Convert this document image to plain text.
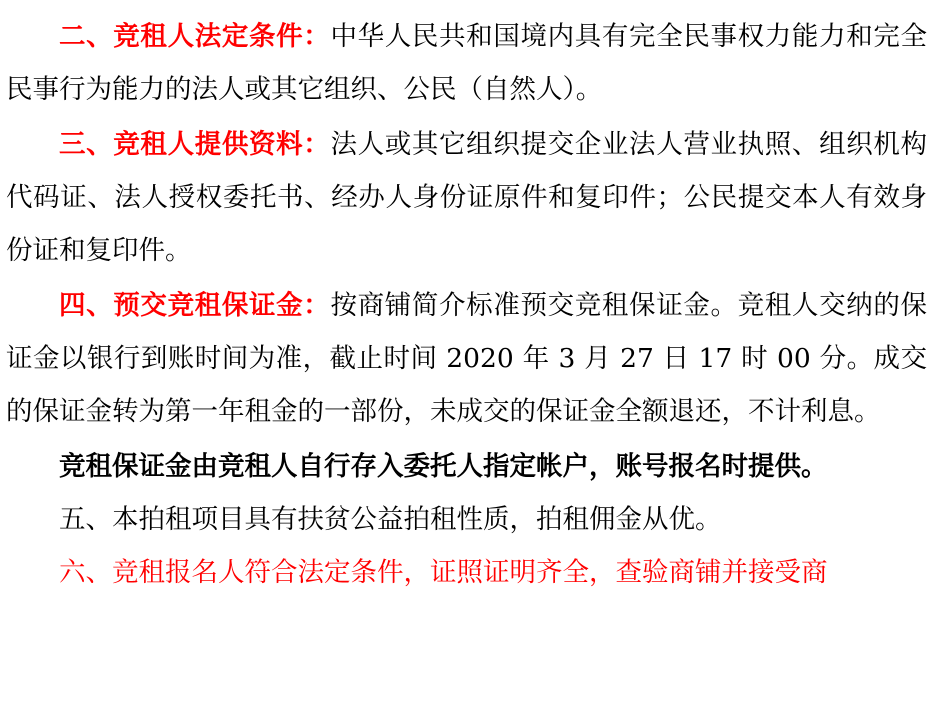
二、竞租人法定条件：中华人民共和国境内具有完全民事权力能力和完全民事行为能力的法人或其它组织、公民（自然人）。

三、竞租人提供资料：法人或其它组织提交企业法人营业执照、组织机构代码证、法人授权委托书、经办人身份证原件和复印件；公民提交本人有效身份证和复印件。

四、预交竞租保证金：按商铺简介标准预交竞租保证金。竞租人交纳的保证金以银行到账时间为准，截止时间 2020 年 3 月 27 日 17 时 00 分。成交的保证金转为第一年租金的一部份，未成交的保证金全额退还，不计利息。

竞租保证金由竞租人自行存入委托人指定帐户，账号报名时提供。

五、本拍租项目具有扶贫公益拍租性质，拍租佣金从优。

六、竞租报名人符合法定条件，证照证明齐全，查验商铺并接受商
